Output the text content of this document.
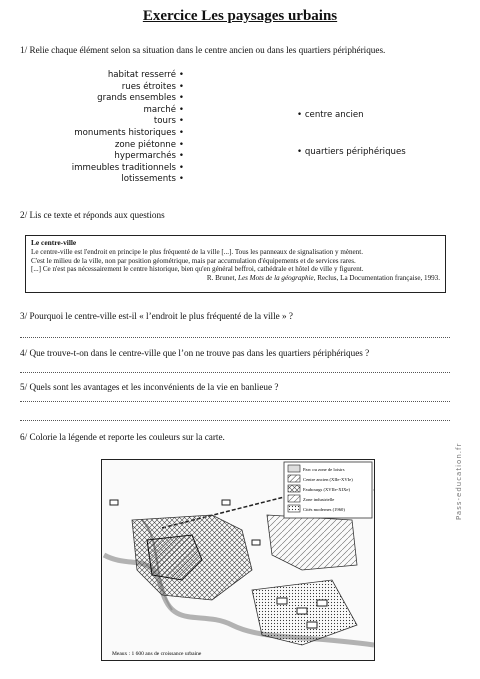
Exercice Les paysages urbains
1/ Relie chaque élément selon sa situation dans le centre ancien ou dans les quartiers périphériques.
habitat resserré •
rues étroites •
grands ensembles •
marché •
tours •
monuments historiques •
zone piétonne •
hypermarchés •
immeubles traditionnels •
lotissements •
• centre ancien
• quartiers périphériques
2/ Lis ce texte et réponds aux questions
Le centre-ville
Le centre-ville est l'endroit en principe le plus fréquenté de la ville [...]. Tous les panneaux de signalisation y mènent.
C'est le milieu de la ville, non par position géométrique, mais par accumulation d'équipements et de services rares.
[...] Ce n'est pas nécessairement le centre historique, bien qu'en général beffroi, cathédrale et hôtel de ville y figurent.
R. Brunet, Les Mots de la géographie, Reclus, La Documentation française, 1993.
3/ Pourquoi le centre-ville est-il « l’endroit le plus fréquenté de la ville » ?
4/ Que trouve-t-on dans le centre-ville que l’on ne trouve pas dans les quartiers périphériques ?
5/ Quels sont les avantages et les inconvénients de la vie en banlieue ?
6/ Colorie la légende et reporte les couleurs sur la carte.
Parc ou zone de loisirs
Centre ancien (XIIe-XVIe)
Faubourgs (XVIIe-XIXe)
Zone industrielle
Cités modernes (1960)
Meaux : 1 600 ans de croissance urbaine
Pass-education.fr
